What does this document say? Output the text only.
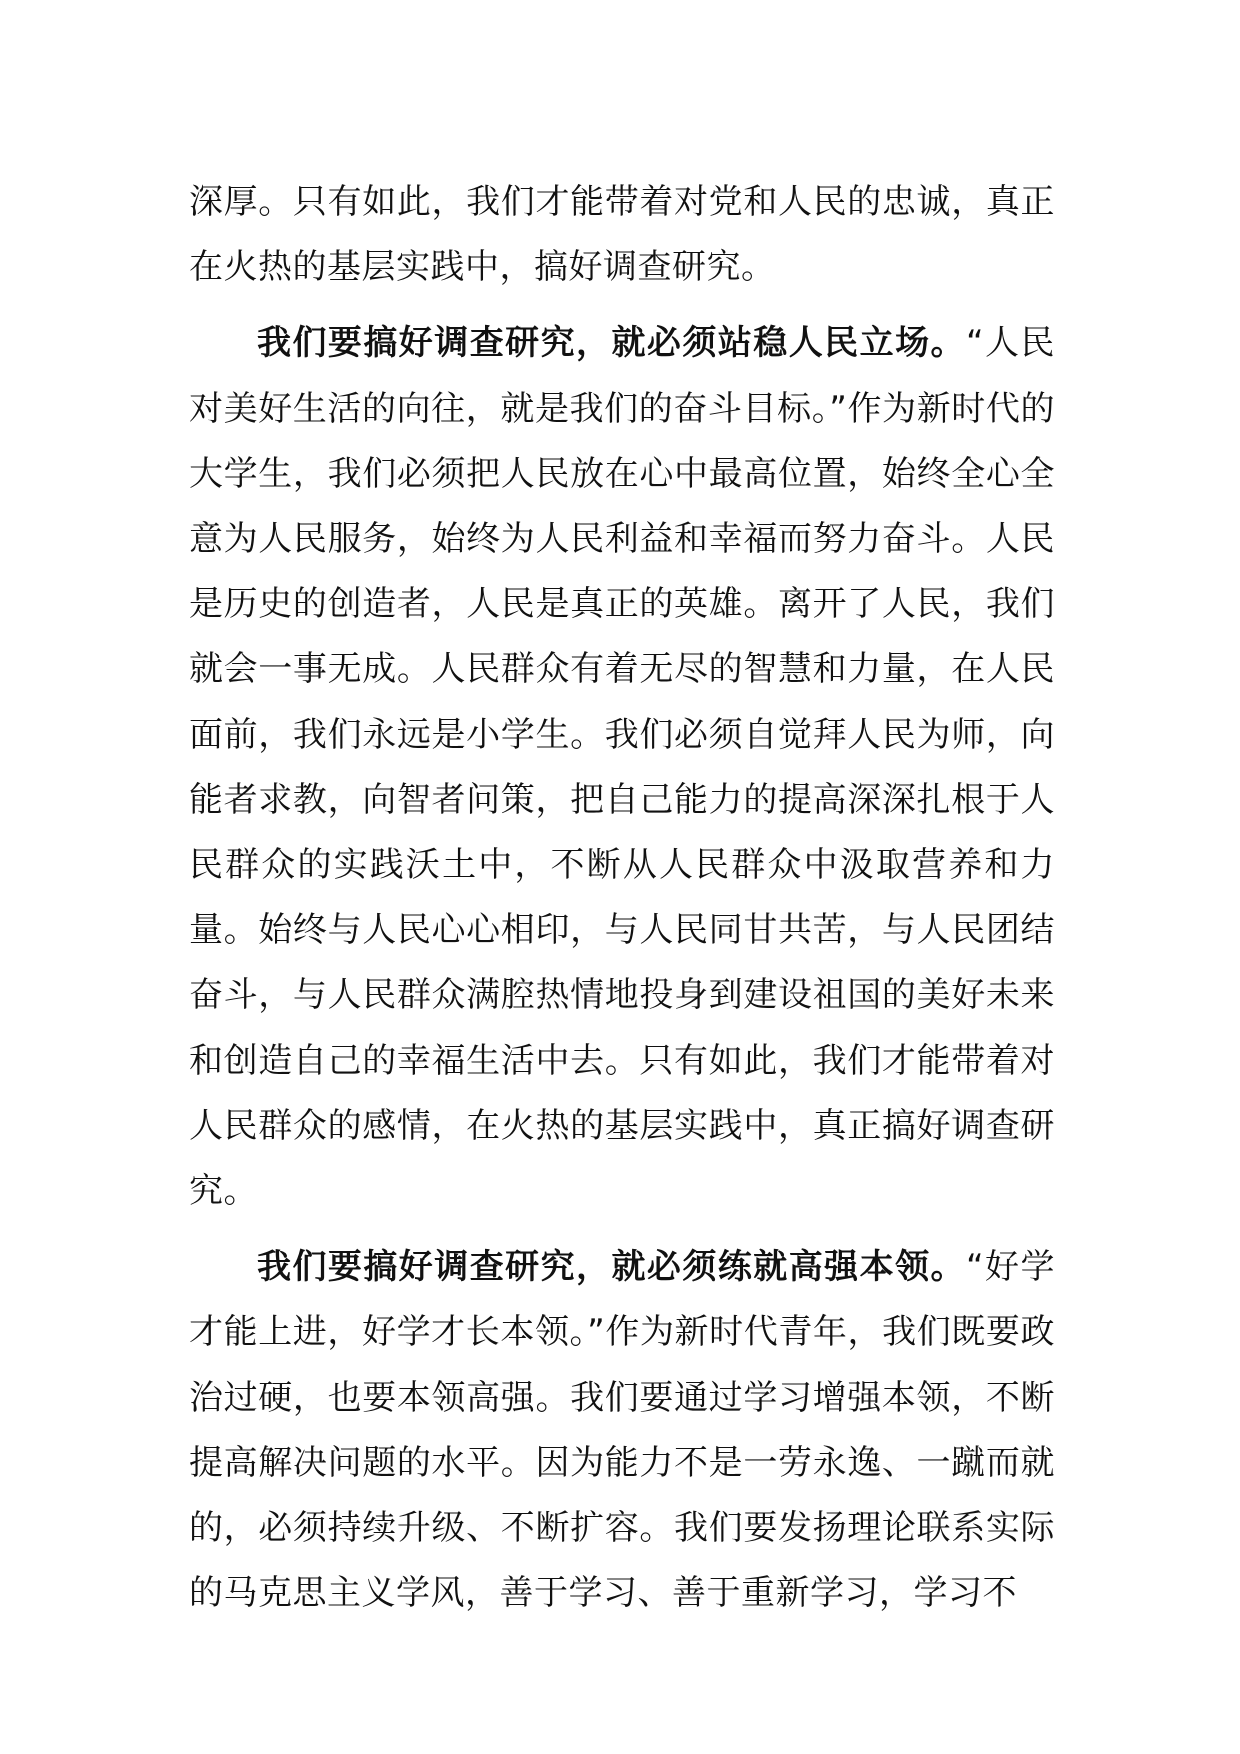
深厚。只有如此，我们才能带着对党和人民的忠诚，真正在火热的基层实践中，搞好调查研究。

我们要搞好调查研究，就必须站稳人民立场。“人民对美好生活的向往，就是我们的奋斗目标。”作为新时代的大学生，我们必须把人民放在心中最高位置，始终全心全意为人民服务，始终为人民利益和幸福而努力奋斗。人民是历史的创造者，人民是真正的英雄。离开了人民，我们就会一事无成。人民群众有着无尽的智慧和力量，在人民面前，我们永远是小学生。我们必须自觉拜人民为师，向能者求教，向智者问策，把自己能力的提高深深扎根于人民群众的实践沃土中，不断从人民群众中汲取营养和力量。始终与人民心心相印，与人民同甘共苦，与人民团结奋斗，与人民群众满腔热情地投身到建设祖国的美好未来和创造自己的幸福生活中去。只有如此，我们才能带着对人民群众的感情，在火热的基层实践中，真正搞好调查研究。

我们要搞好调查研究，就必须练就高强本领。“好学才能上进，好学才长本领。”作为新时代青年，我们既要政治过硬，也要本领高强。我们要通过学习增强本领，不断提高解决问题的水平。因为能力不是一劳永逸、一蹴而就的，必须持续升级、不断扩容。我们要发扬理论联系实际的马克思主义学风，善于学习、善于重新学习，学习不
